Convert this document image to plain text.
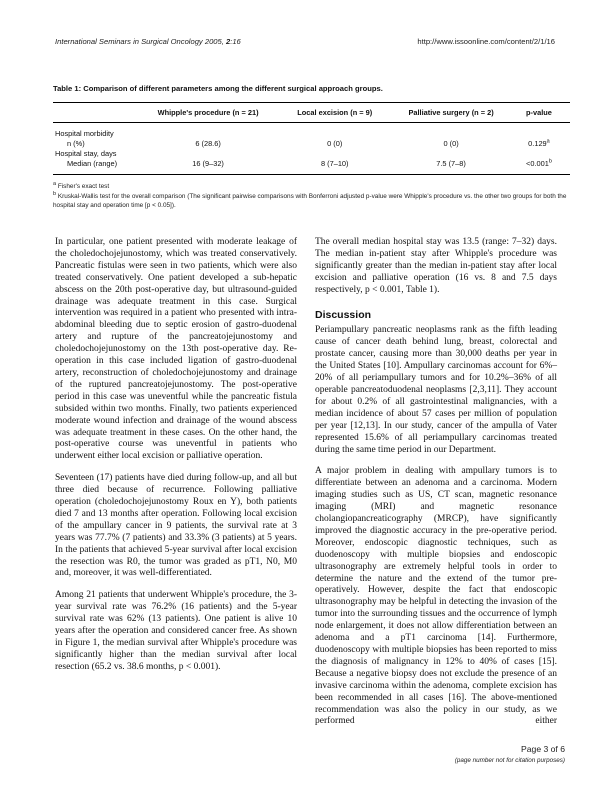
International Seminars in Surgical Oncology 2005, 2:16	http://www.issoonline.com/content/2/1/16
Table 1: Comparison of different parameters among the different surgical approach groups.
	Whipple's procedure (n = 21)	Local excision (n = 9)	Palliative surgery (n = 2)	p-value
Hospital morbidity				
n (%)	6 (28.6)	0 (0)	0 (0)	0.129$^a$
Hospital stay, days				
Median (range)	16 (9–32)	8 (7–10)	7.5 (7–8)	<0.001$^b$

$^a$ Fisher's exact test

$^b$ Kruskal-Wallis test for the overall comparison (The significant pairwise comparisons with Bonferroni adjusted p-value were Whipple's procedure vs. the other two groups for both the hospital stay and operation time [p < 0.05]).

In particular, one patient presented with moderate leakage of the choledochojejunostomy, which was treated conservatively. Pancreatic fistulas were seen in two patients, which were also treated conservatively. One patient developed a sub-hepatic abscess on the 20th post-operative day, but ultrasound-guided drainage was adequate treatment in this case. Surgical intervention was required in a patient who presented with intra-abdominal bleeding due to septic erosion of gastro-duodenal artery and rupture of the pancreatojejunostomy and choledochojejunostomy on the 13th post-operative day. Re-operation in this case included ligation of gastro-duodenal artery, reconstruction of choledochojejunostomy and drainage of the ruptured pancreatojejunostomy. The post-operative period in this case was uneventful while the pancreatic fistula subsided within two months. Finally, two patients experienced moderate wound infection and drainage of the wound abscess was adequate treatment in these cases. On the other hand, the post-operative course was uneventful in patients who underwent either local excision or palliative operation.

Seventeen (17) patients have died during follow-up, and all but three died because of recurrence. Following palliative operation (choledochojejunostomy Roux en Y), both patients died 7 and 13 months after operation. Following local excision of the ampullary cancer in 9 patients, the survival rate at 3 years was 77.7% (7 patients) and 33.3% (3 patients) at 5 years. In the patients that achieved 5-year survival after local excision the resection was R0, the tumor was graded as pT1, N0, M0 and, moreover, it was well-differentiated.

Among 21 patients that underwent Whipple's procedure, the 3-year survival rate was 76.2% (16 patients) and the 5-year survival rate was 62% (13 patients). One patient is alive 10 years after the operation and considered cancer free. As shown in Figure 1, the median survival after Whipple's procedure was significantly higher than the median survival after local resection (65.2 vs. 38.6 months, p < 0.001).

The overall median hospital stay was 13.5 (range: 7–32) days. The median in-patient stay after Whipple's procedure was significantly greater than the median in-patient stay after local excision and palliative operation (16 vs. 8 and 7.5 days respectively, p < 0.001, Table 1).

Discussion

Periampullary pancreatic neoplasms rank as the fifth leading cause of cancer death behind lung, breast, colorectal and prostate cancer, causing more than 30,000 deaths per year in the United States [10]. Ampullary carcinomas account for 6%–20% of all periampullary tumors and for 10.2%–36% of all operable pancreatoduodenal neoplasms [2,3,11]. They account for about 0.2% of all gastrointestinal malignancies, with a median incidence of about 57 cases per million of population per year [12,13]. In our study, cancer of the ampulla of Vater represented 15.6% of all periampullary carcinomas treated during the same time period in our Department.

A major problem in dealing with ampullary tumors is to differentiate between an adenoma and a carcinoma. Modern imaging studies such as US, CT scan, magnetic resonance imaging (MRI) and magnetic resonance cholangiopancreaticography (MRCP), have significantly improved the diagnostic accuracy in the pre-operative period. Moreover, endoscopic diagnostic techniques, such as duodenoscopy with multiple biopsies and endoscopic ultrasonography are extremely helpful tools in order to determine the nature and the extend of the tumor pre-operatively. However, despite the fact that endoscopic ultrasonography may be helpful in detecting the invasion of the tumor into the surrounding tissues and the occurrence of lymph node enlargement, it does not allow differentiation between an adenoma and a pT1 carcinoma [14]. Furthermore, duodenoscopy with multiple biopsies has been reported to miss the diagnosis of malignancy in 12% to 40% of cases [15]. Because a negative biopsy does not exclude the presence of an invasive carcinoma within the adenoma, complete excision has been recommended in all cases [16]. The above-mentioned recommendation was also the policy in our study, as we performed either

Page 3 of 6
(page number not for citation purposes)
